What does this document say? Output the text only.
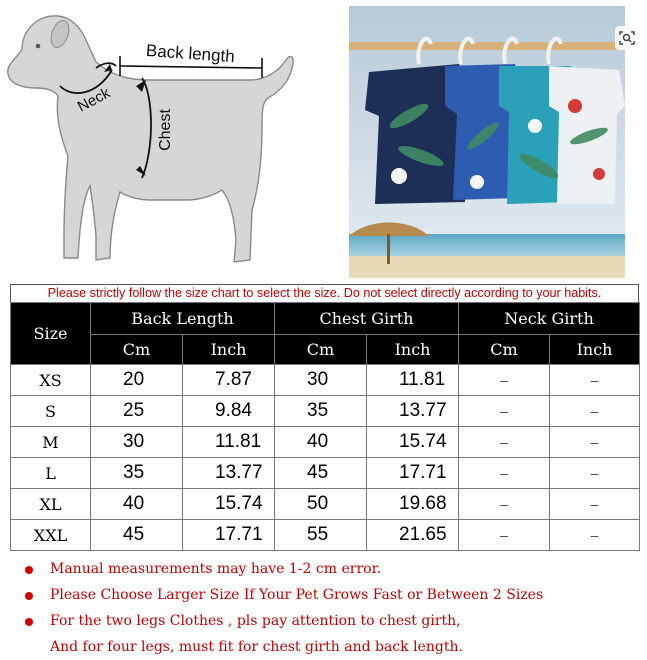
Back length
Neck
Chest
Please strictly follow the size chart to select the size. Do not select directly according to your habits.
Size	Back Length		Chest Girth		Neck Girth	
	Cm	Inch	Cm	Inch	Cm	Inch
XS	20	7.87	30	11.81	–	–
S	25	9.84	35	13.77	–	–
M	30	11.81	40	15.74	–	–
L	35	13.77	45	17.71	–	–
XL	40	15.74	50	19.68	–	–
XXL	45	17.71	55	21.65	–	–
Manual measurements may have 1-2 cm error.
Please Choose Larger Size If Your Pet Grows Fast or Between 2 Sizes
For the two legs Clothes , pls pay attention to chest girth,
And for four legs, must fit for chest girth and back length.
